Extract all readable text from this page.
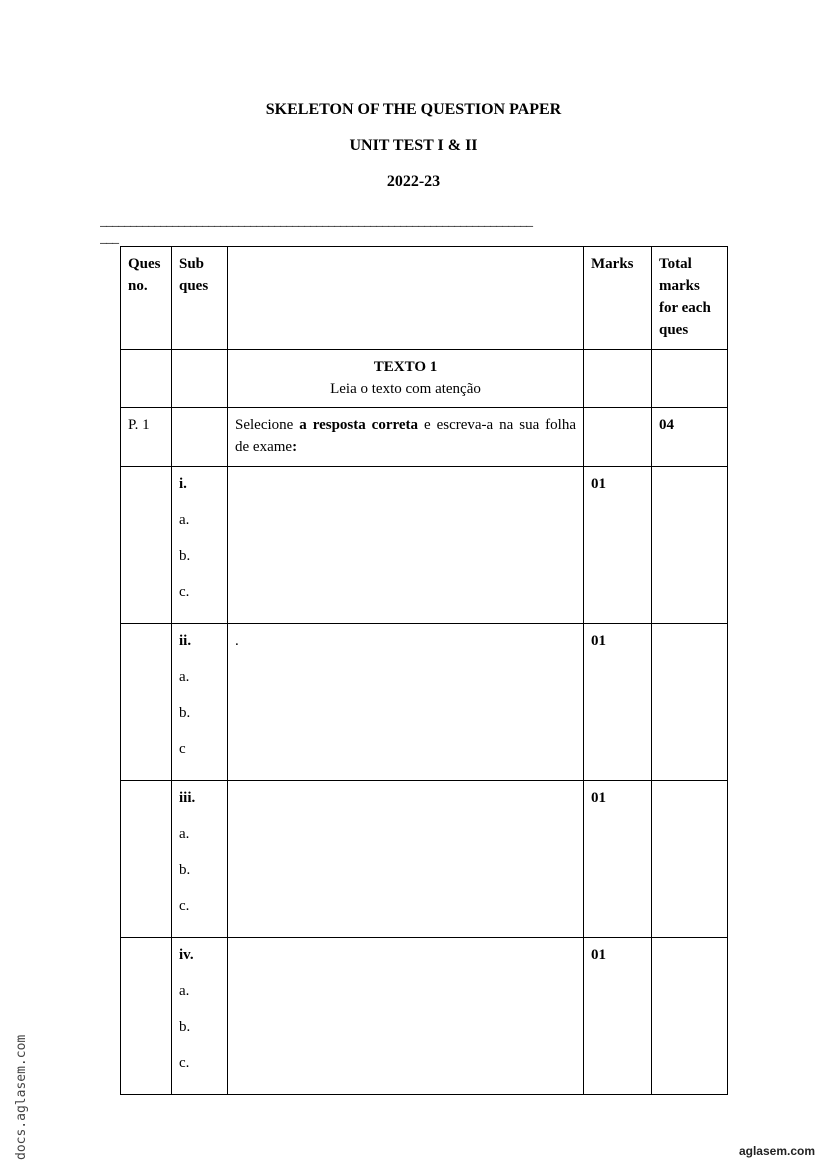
SKELETON OF THE QUESTION PAPER
UNIT TEST I & II
2022-23
________________________________________________________________________
___
Ques no.	Sub ques		Marks	Total marks for each ques

		TEXTO 1
Leia o texto com atenção		

P. 1		Selecione a resposta correta e escreva-a na sua folha de exame:		04

	i.
a.
b.
c.		01	

	ii.
a.
b.
c	.	01	

	iii.
a.
b.
c.		01	

	iv.
a.
b.
c.		01	
docs.aglasem.com	aglasem.com
